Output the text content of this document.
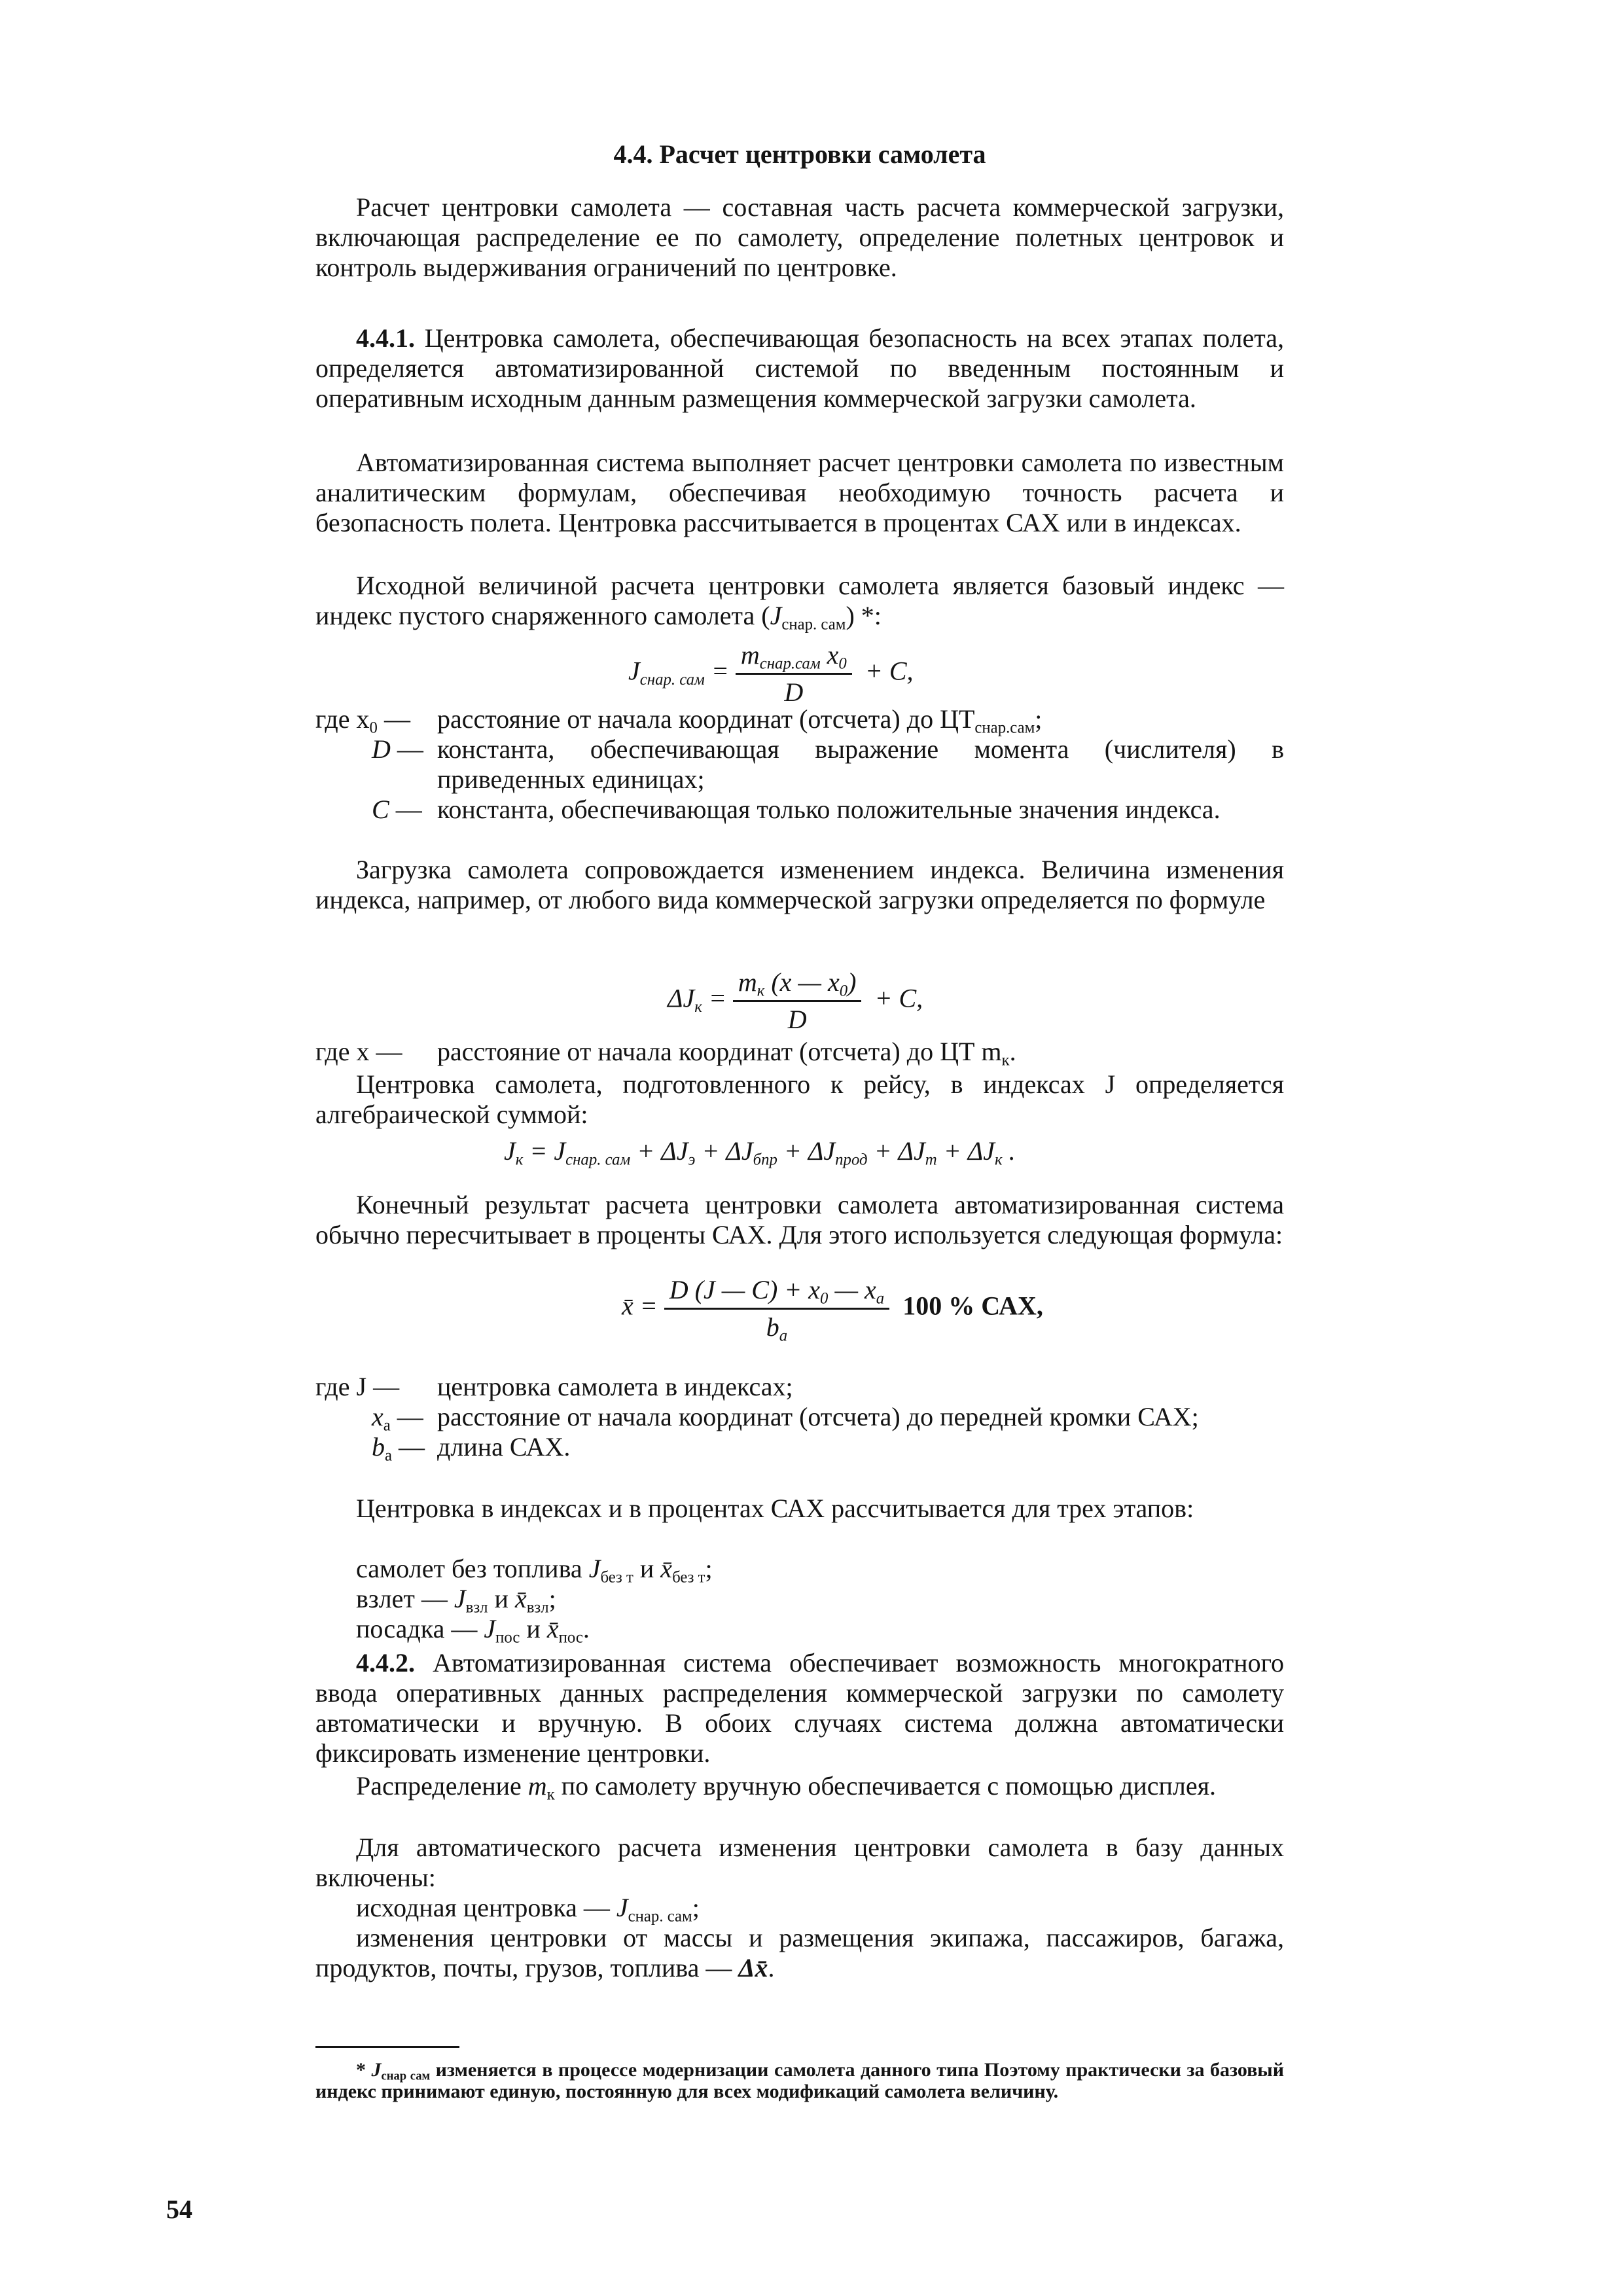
4.4. Расчет центровки самолета

Расчет центровки самолета — составная часть расчета коммерческой загрузки, включающая распределение ее по самолету, определение полетных центровок и контроль выдерживания ограничений по центровке.

4.4.1. Центровка самолета, обеспечивающая безопасность на всех этапах полета, определяется автоматизированной системой по введенным постоянным и оперативным исходным данным размещения коммерческой загрузки самолета.

Автоматизированная система выполняет расчет центровки самолета по известным аналитическим формулам, обеспечивая необходимую точность расчета и безопасность полета. Центровка рассчитывается в процентах САХ или в индексах.

Исходной величиной расчета центровки самолета является базовый индекс — индекс пустого снаряженного самолета $(J_{снар. сам})$ *:

$J_{снар. сам} = \frac{m_{снар.сам} x_0}{D} + C$,
где $x_0$ — расстояние от начала координат (отсчета) до $ЦТ_{снар.сам}$;
D — константа, обеспечивающая выражение момента (числителя) в приведенных единицах;
C — константа, обеспечивающая только положительные значения индекса.

Загрузка самолета сопровождается изменением индекса. Величина изменения индекса, например, от любого вида коммерческой загрузки определяется по формуле

$\Delta J_к = \frac{m_к (x — x_0)}{D} + C$,
где x — расстояние от начала координат (отсчета) до ЦТ $m_к$.

Центровка самолета, подготовленного к рейсу, в индексах J определяется алгебраической суммой:

$J_к = J_{снар. сам} + \Delta J_э + \Delta J_{бпр} + \Delta J_{прод} + \Delta J_т + \Delta J_к$ .

Конечный результат расчета центровки самолета автоматизированная система обычно пересчитывает в проценты САХ. Для этого используется следующая формула:

x̄ = $\frac{D (J — C) + x_0 — x_a}{b_a} 100$ % САХ,
где J — центровка самолета в индексах;
$x_a$ — расстояние от начала координат (отсчета) до передней кромки САХ;
$b_a$ — длина САХ.

Центровка в индексах и в процентах САХ рассчитывается для трех этапов:

самолет без топлива $J_{без т}$ и $x̄_{без т}$;
взлет — $J_{взл}$ и $x̄_{взл}$;
посадка — $J_{пос}$ и $x̄_{пос}$.

4.4.2. Автоматизированная система обеспечивает возможность многократного ввода оперативных данных распределения коммерческой загрузки по самолету автоматически и вручную. В обоих случаях система должна автоматически фиксировать изменение центровки.

Распределение $m_к$ по самолету вручную обеспечивается с помощью дисплея.

Для автоматического расчета изменения центровки самолета в базу данных включены:

исходная центровка — $J_{снар. сам}$;

изменения центровки от массы и размещения экипажа, пассажиров, багажа, продуктов, почты, грузов, топлива — Δx̄.

* $J_{снар сам}$ изменяется в процессе модернизации самолета данного типа Поэтому практически за базовый индекс принимают единую, постоянную для всех модификаций самолета величину.

54
